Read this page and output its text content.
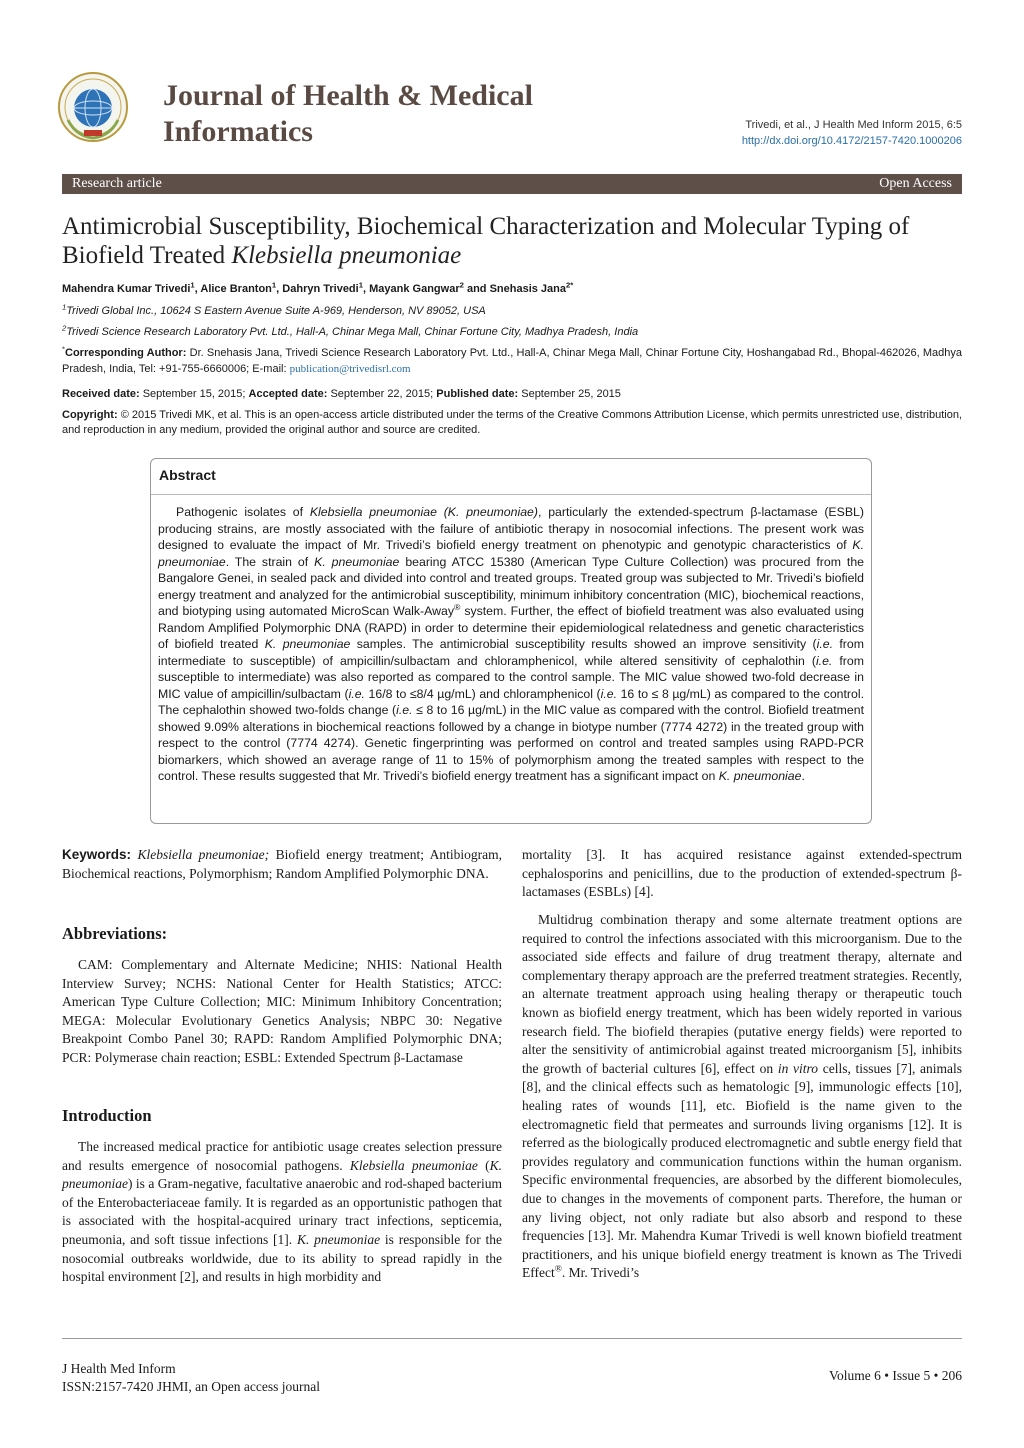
Journal of Health & Medical Informatics	Trivedi, et al., J Health Med Inform 2015, 6:5
http://dx.doi.org/10.4172/2157-7420.1000206
Research article	Open Access
Antimicrobial Susceptibility, Biochemical Characterization and Molecular Typing of Biofield Treated Klebsiella pneumoniae
Mahendra Kumar Trivedi$^1$, Alice Branton$^1$, Dahryn Trivedi$^1$, Mayank Gangwar$^2$ and Snehasis Jana$^{2*}$
$^1$Trivedi Global Inc., 10624 S Eastern Avenue Suite A-969, Henderson, NV 89052, USA
$^2$Trivedi Science Research Laboratory Pvt. Ltd., Hall-A, Chinar Mega Mall, Chinar Fortune City, Madhya Pradesh, India
*Corresponding Author: Dr. Snehasis Jana, Trivedi Science Research Laboratory Pvt. Ltd., Hall-A, Chinar Mega Mall, Chinar Fortune City, Hoshangabad Rd., Bhopal-462026, Madhya Pradesh, India, Tel: +91-755-6660006; E-mail: publication@trivedisrl.com
Received date: September 15, 2015; Accepted date: September 22, 2015; Published date: September 25, 2015
Copyright: © 2015 Trivedi MK, et al. This is an open-access article distributed under the terms of the Creative Commons Attribution License, which permits unrestricted use, distribution, and reproduction in any medium, provided the original author and source are credited.
Abstract
Pathogenic isolates of Klebsiella pneumoniae (K. pneumoniae), particularly the extended-spectrum β-lactamase (ESBL) producing strains, are mostly associated with the failure of antibiotic therapy in nosocomial infections. The present work was designed to evaluate the impact of Mr. Trivedi’s biofield energy treatment on phenotypic and genotypic characteristics of K. pneumoniae. The strain of K. pneumoniae bearing ATCC 15380 (American Type Culture Collection) was procured from the Bangalore Genei, in sealed pack and divided into control and treated groups. Treated group was subjected to Mr. Trivedi’s biofield energy treatment and analyzed for the antimicrobial susceptibility, minimum inhibitory concentration (MIC), biochemical reactions, and biotyping using automated MicroScan Walk-Away® system. Further, the effect of biofield treatment was also evaluated using Random Amplified Polymorphic DNA (RAPD) in order to determine their epidemiological relatedness and genetic characteristics of biofield treated K. pneumoniae samples. The antimicrobial susceptibility results showed an improve sensitivity (i.e. from intermediate to susceptible) of ampicillin/sulbactam and chloramphenicol, while altered sensitivity of cephalothin (i.e. from susceptible to intermediate) was also reported as compared to the control sample. The MIC value showed two-fold decrease in MIC value of ampicillin/sulbactam (i.e. 16/8 to ≤8/4 µg/mL) and chloramphenicol (i.e. 16 to ≤ 8 µg/mL) as compared to the control. The cephalothin showed two-folds change (i.e. ≤ 8 to 16 µg/mL) in the MIC value as compared with the control. Biofield treatment showed 9.09% alterations in biochemical reactions followed by a change in biotype number (7774 4272) in the treated group with respect to the control (7774 4274). Genetic fingerprinting was performed on control and treated samples using RAPD-PCR biomarkers, which showed an average range of 11 to 15% of polymorphism among the treated samples with respect to the control. These results suggested that Mr. Trivedi’s biofield energy treatment has a significant impact on K. pneumoniae.
Keywords: Klebsiella pneumoniae; Biofield energy treatment; Antibiogram, Biochemical reactions, Polymorphism; Random Amplified Polymorphic DNA.
Abbreviations:
CAM: Complementary and Alternate Medicine; NHIS: National Health Interview Survey; NCHS: National Center for Health Statistics; ATCC: American Type Culture Collection; MIC: Minimum Inhibitory Concentration; MEGA: Molecular Evolutionary Genetics Analysis; NBPC 30: Negative Breakpoint Combo Panel 30; RAPD: Random Amplified Polymorphic DNA; PCR: Polymerase chain reaction; ESBL: Extended Spectrum β-Lactamase
Introduction
The increased medical practice for antibiotic usage creates selection pressure and results emergence of nosocomial pathogens. Klebsiella pneumoniae (K. pneumoniae) is a Gram-negative, facultative anaerobic and rod-shaped bacterium of the Enterobacteriaceae family. It is regarded as an opportunistic pathogen that is associated with the hospital-acquired urinary tract infections, septicemia, pneumonia, and soft tissue infections [1]. K. pneumoniae is responsible for the nosocomial outbreaks worldwide, due to its ability to spread rapidly in the hospital environment [2], and results in high morbidity and
mortality [3]. It has acquired resistance against extended-spectrum cephalosporins and penicillins, due to the production of extended-spectrum β-lactamases (ESBLs) [4].
Multidrug combination therapy and some alternate treatment options are required to control the infections associated with this microorganism. Due to the associated side effects and failure of drug treatment therapy, alternate and complementary therapy approach are the preferred treatment strategies. Recently, an alternate treatment approach using healing therapy or therapeutic touch known as biofield energy treatment, which has been widely reported in various research field. The biofield therapies (putative energy fields) were reported to alter the sensitivity of antimicrobial against treated microorganism [5], inhibits the growth of bacterial cultures [6], effect on in vitro cells, tissues [7], animals [8], and the clinical effects such as hematologic [9], immunologic effects [10], healing rates of wounds [11], etc. Biofield is the name given to the electromagnetic field that permeates and surrounds living organisms [12]. It is referred as the biologically produced electromagnetic and subtle energy field that provides regulatory and communication functions within the human organism. Specific environmental frequencies, are absorbed by the different biomolecules, due to changes in the movements of component parts. Therefore, the human or any living object, not only radiate but also absorb and respond to these frequencies [13]. Mr. Mahendra Kumar Trivedi is well known biofield treatment practitioners, and his unique biofield energy treatment is known as The Trivedi Effect®. Mr. Trivedi’s
J Health Med Inform
ISSN:2157-7420 JHMI, an Open access journal
Volume 6 • Issue 5 • 206
